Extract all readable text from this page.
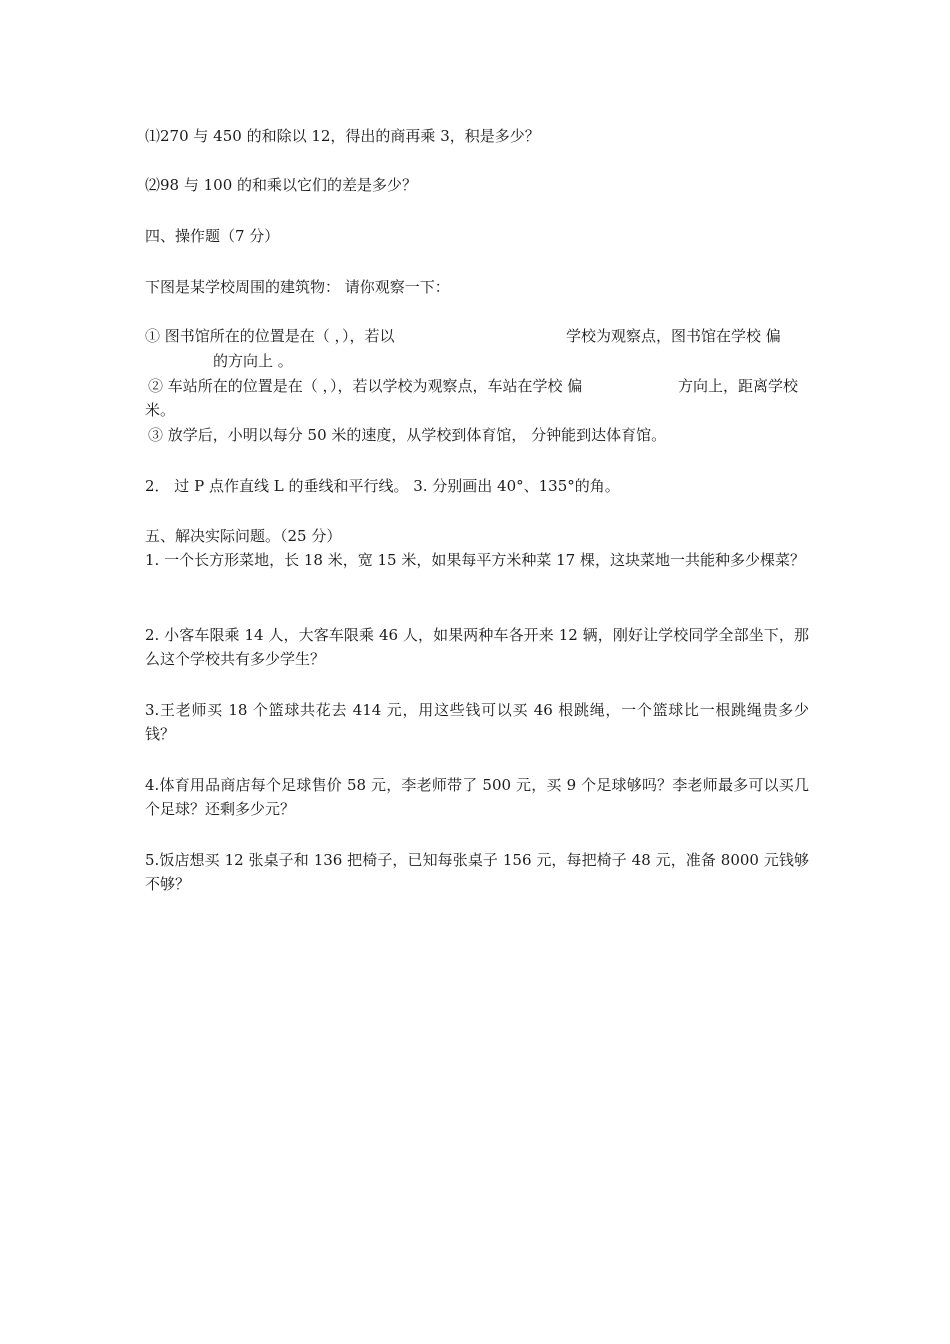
⑴270 与 450 的和除以 12，得出的商再乘 3，积是多少？
⑵98 与 100 的和乘以它们的差是多少？
四、操作题（7 分）
下图是某学校周围的建筑物： 请你观察一下：
① 图书馆所在的位置是在（ ，），若以	学校为观察点，图书馆在学校 偏
的方向上 。
② 车站所在的位置是在（ ，），若以学校为观察点，车站在学校 偏	方向上，距离学校
米。
③ 放学后，小明以每分 50 米的速度，从学校到体育馆， 分钟能到达体育馆。
2． 过 P 点作直线 L 的垂线和平行线。 3. 分别画出 40°、135°的角。
五、解决实际问题。（25 分）
1. 一个长方形菜地，长 18 米，宽 15 米，如果每平方米种菜 17 棵，这块菜地一共能种多少棵菜？
2. 小客车限乘 14 人，大客车限乘 46 人，如果两种车各开来 12 辆，刚好让学校同学全部坐下，那么这个学校共有多少学生？
3.王老师买 18 个篮球共花去 414 元，用这些钱可以买 46 根跳绳，一个篮球比一根跳绳贵多少钱？
4.体育用品商店每个足球售价 58 元，李老师带了 500 元，买 9 个足球够吗？李老师最多可以买几个足球？还剩多少元？
5.饭店想买 12 张桌子和 136 把椅子，已知每张桌子 156 元，每把椅子 48 元，准备 8000 元钱够不够？
